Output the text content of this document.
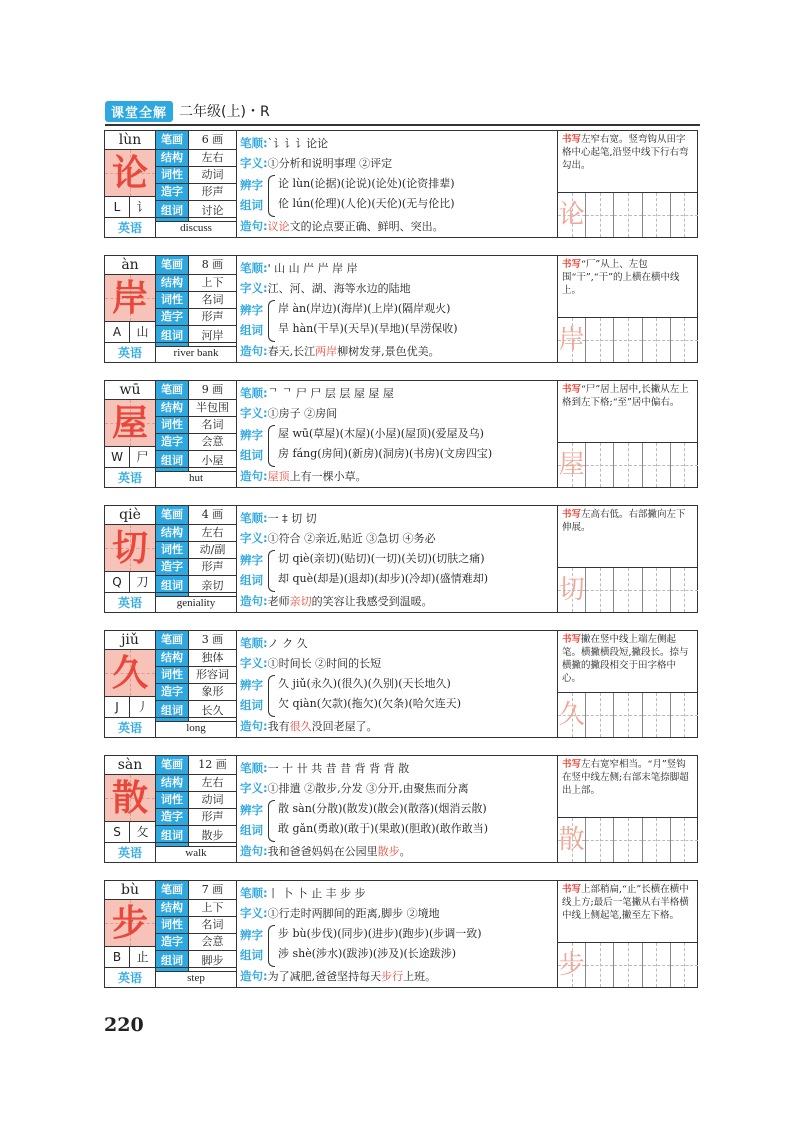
课堂全解 二年级(上)・R
lùn
论
L	讠
笔画	6 画
结构	左右
词性	动词
造字	形声
组词	讨论
英语	discuss
笔顺:`讠讠讠论论
字义:①分析和说明事理 ②评定
辨字
组词
论 lùn(论据)(论说)(论处)(论资排辈)
伦 lún(伦理)(人伦)(天伦)(无与伦比)
造句:议论文的论点要正确、鲜明、突出。
书写左窄右宽。竖弯钩从田字格中心起笔,沿竖中线下行右弯勾出。
论
àn
岸
A	山
笔画	8 画
结构	上下
词性	名词
造字	形声
组词	河岸
英语	river bank
笔顺:' 山 山 屵 屵 岸 岸
字义:江、河、湖、海等水边的陆地
辨字
组词
岸 àn(岸边)(海岸)(上岸)(隔岸观火)
旱 hàn(干旱)(天旱)(旱地)(旱涝保收)
造句:春天,长江两岸柳树发芽,景色优美。
书写“厂”从上、左包围“干”,“干”的上横在横中线上。
岸
wū
屋
W	尸
笔画	9 画
结构	半包围
词性	名词
造字	会意
组词	小屋
英语	hut
笔顺:ᄀ ᄀ 尸 尸 层 层 屋 屋 屋
字义:①房子 ②房间
辨字
组词
屋 wū(草屋)(木屋)(小屋)(屋顶)(爱屋及乌)
房 fáng(房间)(新房)(洞房)(书房)(文房四宝)
造句:屋顶上有一棵小草。
书写“尸”居上居中,长撇从左上格到左下格;“至”居中偏右。
屋
qiè
切
Q	刀
笔画	4 画
结构	左右
词性	动/副
造字	形声
组词	亲切
英语	geniality
笔顺:一 ‡ 切 切
字义:①符合 ②亲近,贴近 ③急切 ④务必
辨字
组词
切 qiè(亲切)(贴切)(一切)(关切)(切肤之痛)
却 què(却是)(退却)(却步)(冷却)(盛情难却)
造句:老师亲切的笑容让我感受到温暖。
书写左高右低。右部撇向左下伸展。
切
jiǔ
久
J	丿
笔画	3 画
结构	独体
词性	形容词
造字	象形
组词	长久
英语	long
笔顺:ノ ク 久
字义:①时间长 ②时间的长短
辨字
组词
久 jiǔ(永久)(很久)(久别)(天长地久)
欠 qiàn(欠款)(拖欠)(欠条)(哈欠连天)
造句:我有很久没回老屋了。
书写撇在竖中线上端左侧起笔。横撇横段短,撇段长。捺与横撇的撇段相交于田字格中心。
久
sàn
散
S	攵
笔画	12 画
结构	左右
词性	动词
造字	形声
组词	散步
英语	walk
笔顺:一 十 卄 共 昔 昔 背 背 背 散
字义:①排遣 ②散步,分发 ③分开,由聚焦而分离
辨字
组词
散 sàn(分散)(散发)(散会)(散落)(烟消云散)
敢 gǎn(勇敢)(敢于)(果敢)(胆敢)(敢作敢当)
造句:我和爸爸妈妈在公园里散步。
书写左右宽窄相当。“月”竖钩在竖中线左侧;右部末笔捺脚超出上部。
散
bù
步
B	止
笔画	7 画
结构	上下
词性	名词
造字	会意
组词	脚步
英语	step
笔顺:丨 卜 卜 止 丰 步 步
字义:①行走时两脚间的距离,脚步 ②境地
辨字
组词
步 bù(步伐)(同步)(进步)(跑步)(步调一致)
涉 shè(涉水)(跋涉)(涉及)(长途跋涉)
造句:为了减肥,爸爸坚持每天步行上班。
书写上部稍扁,“止”长横在横中线上方;最后一笔撇从右半格横中线上侧起笔,撇至左下格。
步
220
